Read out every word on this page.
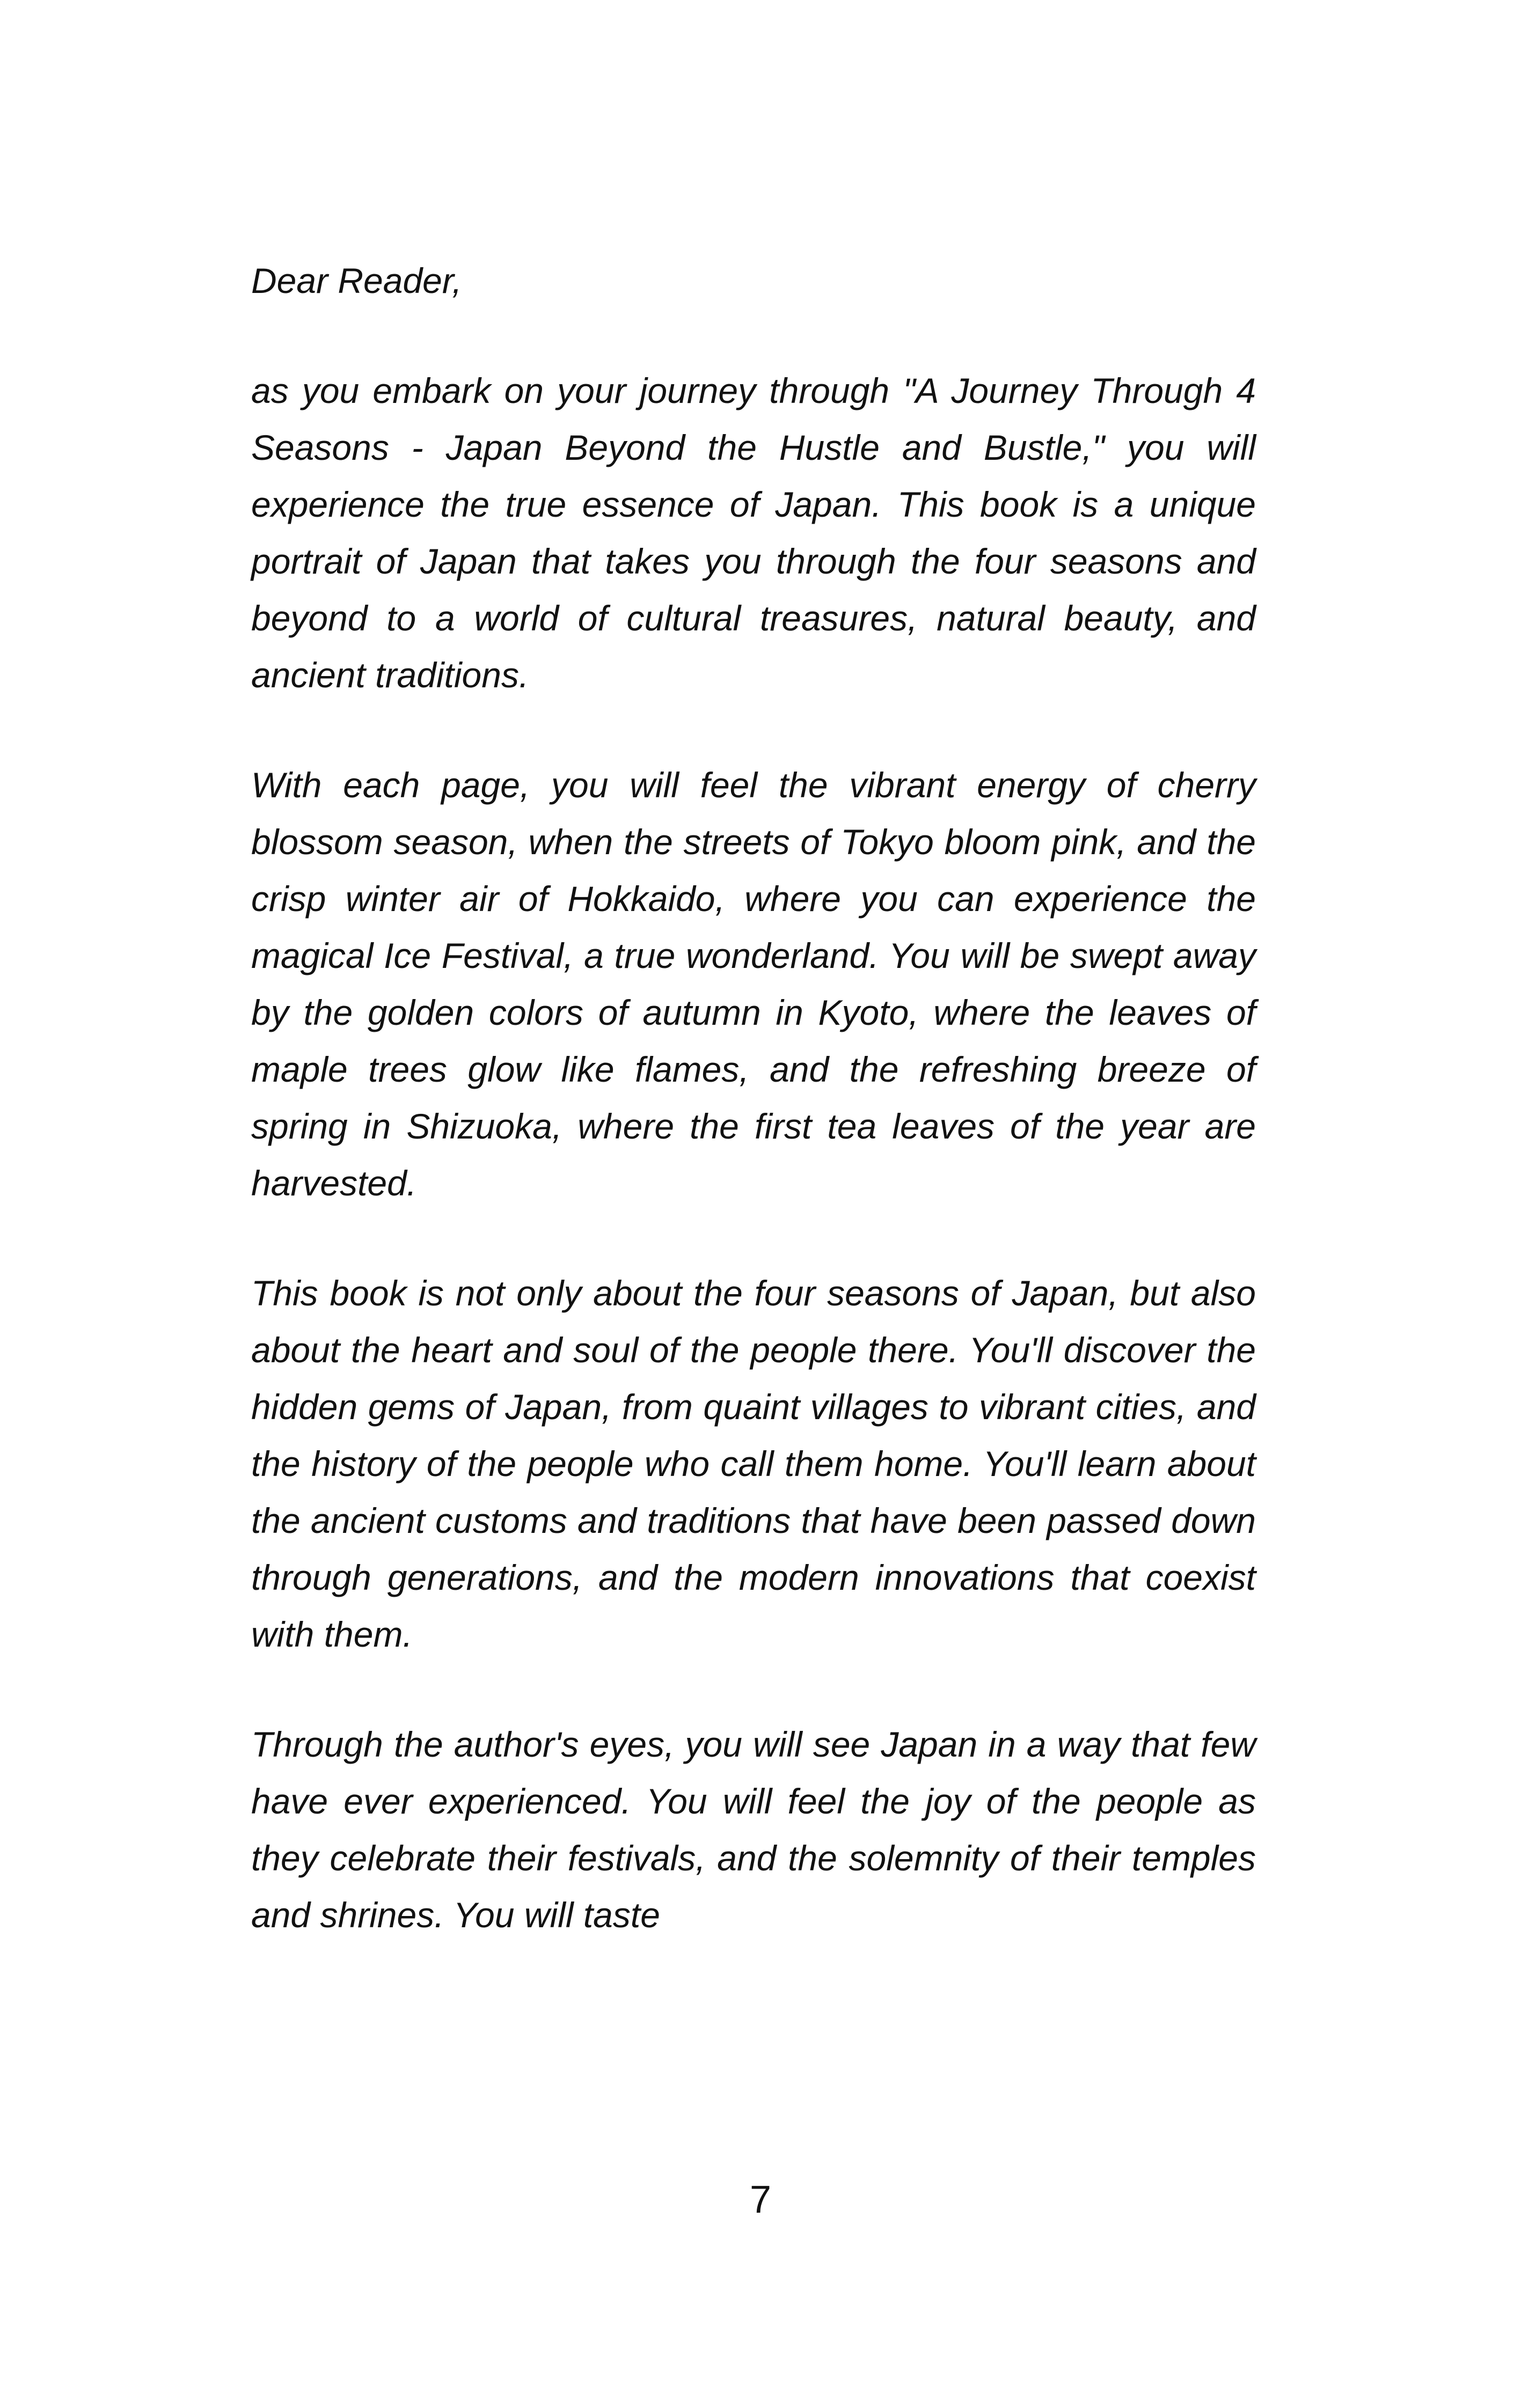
Dear Reader,

as you embark on your journey through "A Journey Through 4 Seasons - Japan Beyond the Hustle and Bustle," you will experience the true essence of Japan. This book is a unique portrait of Japan that takes you through the four seasons and beyond to a world of cultural treasures, natural beauty, and ancient traditions.

With each page, you will feel the vibrant energy of cherry blossom season, when the streets of Tokyo bloom pink, and the crisp winter air of Hokkaido, where you can experience the magical Ice Festival, a true wonderland. You will be swept away by the golden colors of autumn in Kyoto, where the leaves of maple trees glow like flames, and the refreshing breeze of spring in Shizuoka, where the first tea leaves of the year are harvested.

This book is not only about the four seasons of Japan, but also about the heart and soul of the people there. You'll discover the hidden gems of Japan, from quaint villages to vibrant cities, and the history of the people who call them home. You'll learn about the ancient customs and traditions that have been passed down through generations, and the modern innovations that coexist with them.

Through the author's eyes, you will see Japan in a way that few have ever experienced. You will feel the joy of the people as they celebrate their festivals, and the solemnity of their temples and shrines. You will taste

7
